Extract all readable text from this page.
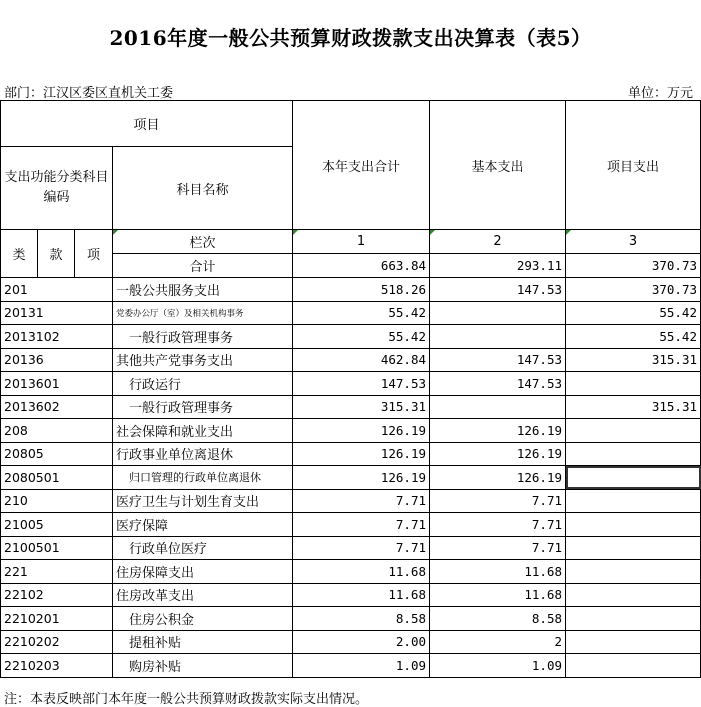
2016年度一般公共预算财政拨款支出决算表（表5）
部门：江汉区委区直机关工委	单位：万元
项目				本年支出合计	基本支出	项目支出
支出功能分类科目编码			科目名称			
类	款	项	栏次	1	2	3
			合计	663.84	293.11	370.73
201			一般公共服务支出	518.26	147.53	370.73
20131			党委办公厅（室）及相关机构事务	55.42		55.42
2013102			一般行政管理事务	55.42		55.42
20136			其他共产党事务支出	462.84	147.53	315.31
2013601			行政运行	147.53	147.53	
2013602			一般行政管理事务	315.31		315.31
208			社会保障和就业支出	126.19	126.19	
20805			行政事业单位离退休	126.19	126.19	
2080501			归口管理的行政单位离退休	126.19	126.19	
210			医疗卫生与计划生育支出	7.71	7.71	
21005			医疗保障	7.71	7.71	
2100501			行政单位医疗	7.71	7.71	
221			住房保障支出	11.68	11.68	
22102			住房改革支出	11.68	11.68	
2210201			住房公积金	8.58	8.58	
2210202			提租补贴	2.00	2	
2210203			购房补贴	1.09	1.09	
注：本表反映部门本年度一般公共预算财政拨款实际支出情况。
